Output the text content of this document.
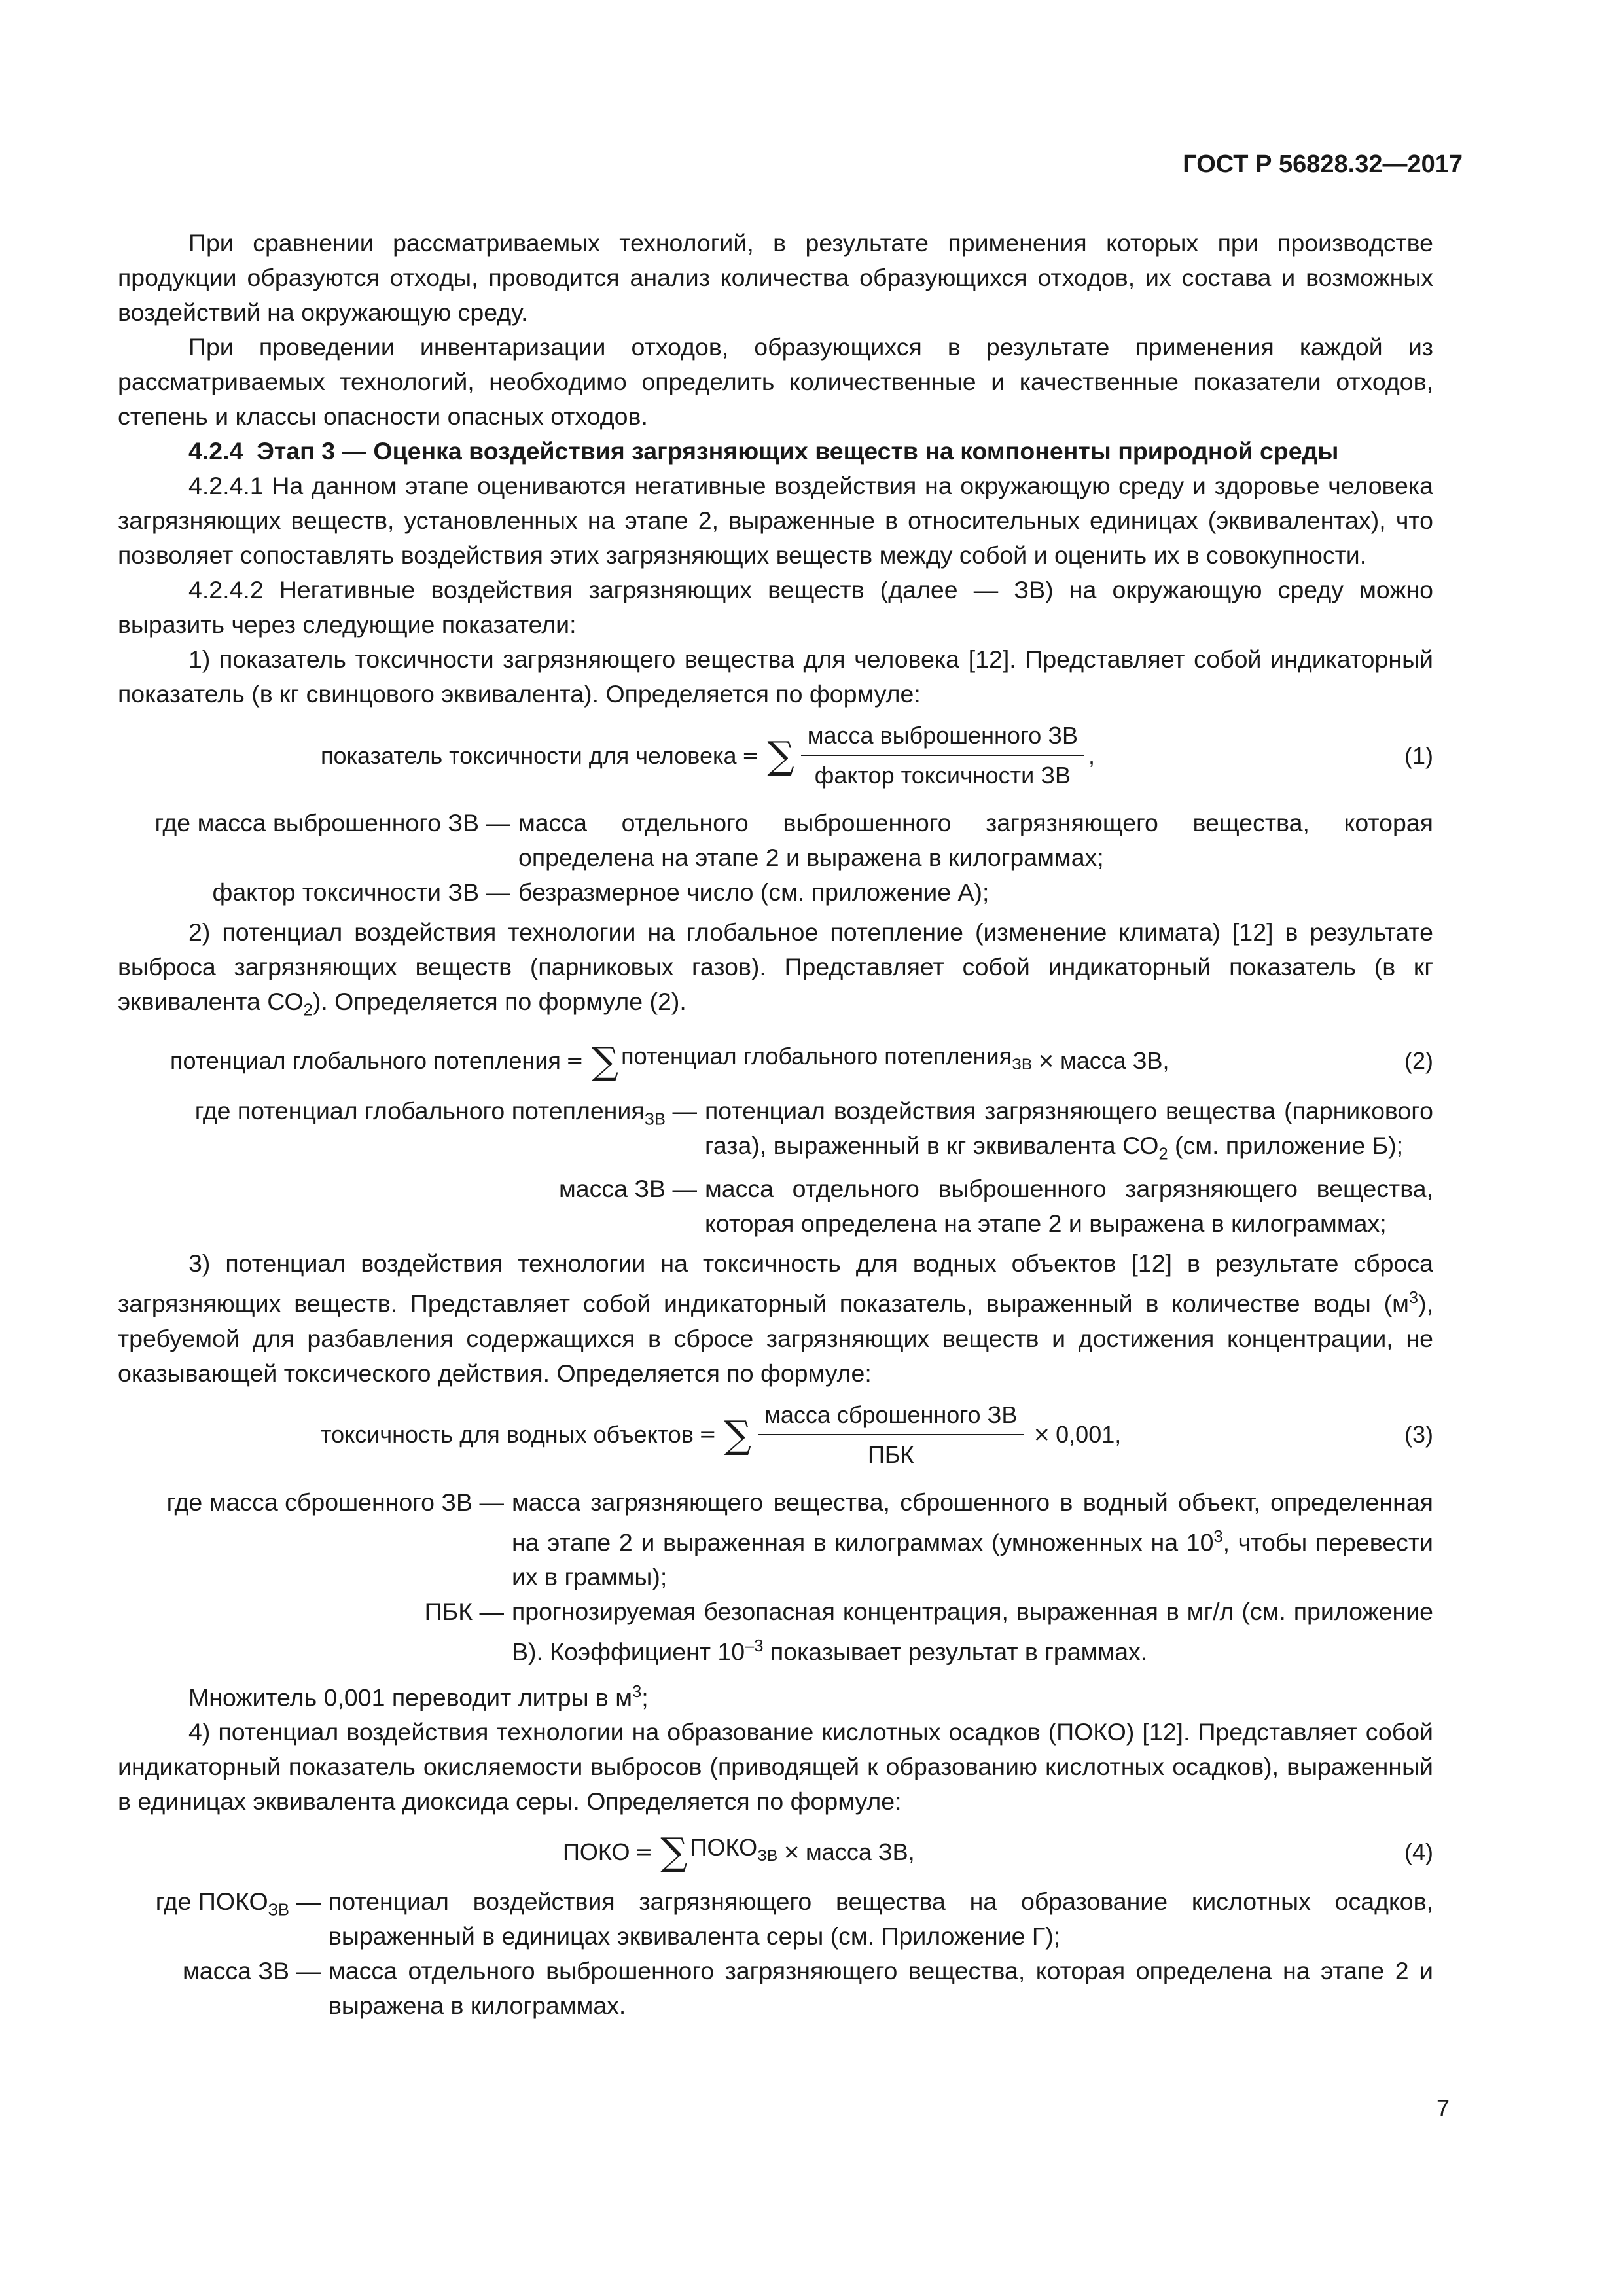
ГОСТ Р 56828.32—2017

При сравнении рассматриваемых технологий, в результате применения которых при производстве продукции образуются отходы, проводится анализ количества образующихся отходов, их состава и возможных воздействий на окружающую среду.

При проведении инвентаризации отходов, образующихся в результате применения каждой из рассматриваемых технологий, необходимо определить количественные и качественные показатели отходов, степень и классы опасности опасных отходов.

4.2.4 Этап 3 — Оценка воздействия загрязняющих веществ на компоненты природной среды

4.2.4.1 На данном этапе оцениваются негативные воздействия на окружающую среду и здоровье человека загрязняющих веществ, установленных на этапе 2, выраженные в относительных единицах (эквивалентах), что позволяет сопоставлять воздействия этих загрязняющих веществ между собой и оценить их в совокупности.

4.2.4.2 Негативные воздействия загрязняющих веществ (далее — ЗВ) на окружающую среду можно выразить через следующие показатели:

1) показатель токсичности загрязняющего вещества для человека [12]. Представляет собой индикаторный показатель (в кг свинцового эквивалента). Определяется по формуле:

показатель токсичности для человека = ∑ $\frac{\text{масса выброшенного ЗВ}}{\text{фактор токсичности ЗВ}}$ ,	(1)
где масса выброшенного ЗВ — масса отдельного выброшенного загрязняющего вещества, которая определена на этапе 2 и выражена в килограммах;
фактор токсичности ЗВ — безразмерное число (см. приложение А);

2) потенциал воздействия технологии на глобальное потепление (изменение климата) [12] в результате выброса загрязняющих веществ (парниковых газов). Представляет собой индикаторный показатель (в кг эквивалента $СО_2$). Определяется по формуле (2).

потенциал глобального потепления = ∑ потенциал глобального потепления$_{ЗВ}$ × масса ЗВ,	(2)
где потенциал глобального потепления$_{ЗВ}$ — потенциал воздействия загрязняющего вещества (парникового газа), выраженный в кг эквивалента $СО_2$ (см. приложение Б);
масса ЗВ — масса отдельного выброшенного загрязняющего вещества, которая определена на этапе 2 и выражена в килограммах;

3) потенциал воздействия технологии на токсичность для водных объектов [12] в результате сброса загрязняющих веществ. Представляет собой индикаторный показатель, выраженный в количестве воды $(м^3)$, требуемой для разбавления содержащихся в сбросе загрязняющих веществ и достижения концентрации, не оказывающей токсического действия. Определяется по формуле:

токсичность для водных объектов = ∑ $\frac{\text{масса сброшенного ЗВ}}{\text{ПБК}} \times 0,001$,	(3)
где масса сброшенного ЗВ — масса загрязняющего вещества, сброшенного в водный объект, определенная на этапе 2 и выраженная в килограммах (умноженных на $10^3$, чтобы перевести их в граммы);
ПБК — прогнозируемая безопасная концентрация, выраженная в мг/л (см. приложение В). Коэффициент $10^{-3}$ показывает результат в граммах.

Множитель 0,001 переводит литры в $м^3$;

4) потенциал воздействия технологии на образование кислотных осадков (ПОКО) [12]. Представляет собой индикаторный показатель окисляемости выбросов (приводящей к образованию кислотных осадков), выраженный в единицах эквивалента диоксида серы. Определяется по формуле:

ПОКО = ∑ $ПОКО_{ЗВ}$ × масса ЗВ,	(4)
где $ПОКО_{ЗВ}$ — потенциал воздействия загрязняющего вещества на образование кислотных осадков, выраженный в единицах эквивалента серы (см. Приложение Г);
масса ЗВ — масса отдельного выброшенного загрязняющего вещества, которая определена на этапе 2 и выражена в килограммах.
7
